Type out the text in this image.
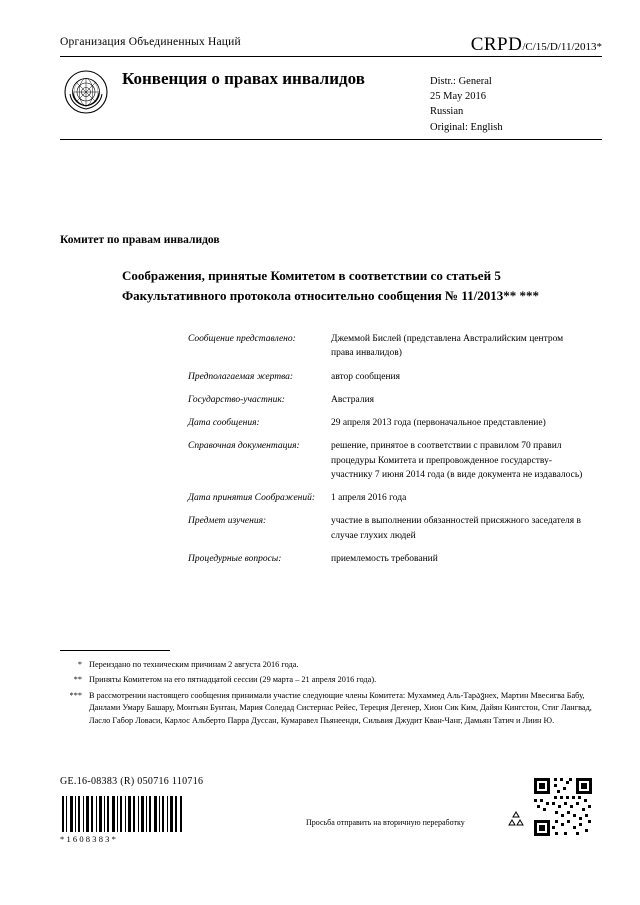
Организация Объединенных Наций	CRPD/C/15/D/11/2013*
Конвенция о правах инвалидов	Distr.: General
25 May 2016
Russian
Original: English
Комитет по правам инвалидов
Соображения, принятые Комитетом в соответствии со статьей 5 Факультативного протокола относительно сообщения № 11/2013** ***
Сообщение представлено:	Джеммой Бислей (представлена Австралийским центром права инвалидов)
Предполагаемая жертва:	автор сообщения
Государство-участник:	Австралия
Дата сообщения:	29 апреля 2013 года (первоначальное представление)
Справочная документация:	решение, принятое в соответствии с правилом 70 правил процедуры Комитета и препровожденное государству-участнику 7 июня 2014 года (в виде документа не издавалось)
Дата принятия Соображений:	1 апреля 2016 года
Предмет изучения:	участие в выполнении обязанностей присяжного заседателя в случае глухих людей
Процедурные вопросы:	приемлемость требований
* Переиздано по техническим причинам 2 августа 2016 года.
** Приняты Комитетом на его пятнадцатой сессии (29 марта – 21 апреля 2016 года).
*** В рассмотрении настоящего сообщения принимали участие следующие члены Комитета: Мухаммед Аль-Тарავнех, Мартин Мвесигва Бабу, Данлами Умару Башару, Монтьян Бунтан, Мария Соледад Систернас Рейес, Тереция Дегенер, Хион Сик Ким, Дайян Кингстон, Стиг Лангвад, Ласло Габор Ловаси, Карлос Альберто Парра Дуссан, Кумаравел Пьянеенди, Сильвия Джудит Кван-Чанг, Дамьян Татич и Лиин Ю.
GE.16-08383 (R) 050716 110716
*1608383*
Просьба отправить на вторичную переработку
